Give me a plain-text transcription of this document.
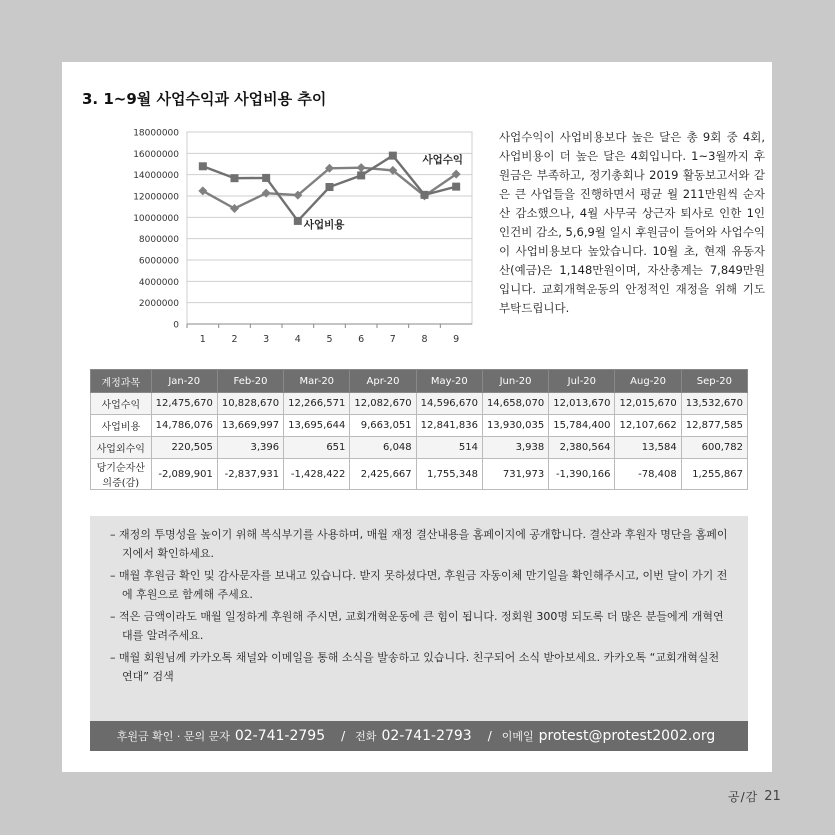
3. 1~9월 사업수익과 사업비용 추이
0
2000000
4000000
6000000
8000000
10000000
12000000
14000000
16000000
18000000
1	2	3	4	5	6	7	8	9
사업수익
사업비용

사업수익이 사업비용보다 높은 달은 총 9회 중 4회, 사업비용이 더 높은 달은 4회입니다. 1~3월까지 후원금은 부족하고, 정기총회나 2019 활동보고서와 같은 큰 사업들을 진행하면서 평균 월 211만원씩 순자산 감소했으나, 4월 사무국 상근자 퇴사로 인한 1인 인건비 감소, 5,6,9월 일시 후원금이 들어와 사업수익이 사업비용보다 높았습니다. 10월 초, 현재 유동자산(예금)은 1,148만원이며, 자산총계는 7,849만원입니다. 교회개혁운동의 안정적인 재정을 위해 기도 부탁드립니다.

계정과목	Jan-20	Feb-20	Mar-20	Apr-20	May-20	Jun-20	Jul-20	Aug-20	Sep-20
사업수익	12,475,670	10,828,670	12,266,571	12,082,670	14,596,670	14,658,070	12,013,670	12,015,670	13,532,670
사업비용	14,786,076	13,669,997	13,695,644	9,663,051	12,841,836	13,930,035	15,784,400	12,107,662	12,877,585
사업외수익	220,505	3,396	651	6,048	514	3,938	2,380,564	13,584	600,782
당기순자산의증(감)	-2,089,901	-2,837,931	-1,428,422	2,425,667	1,755,348	731,973	-1,390,166	-78,408	1,255,867
– 재정의 투명성을 높이기 위해 복식부기를 사용하며, 매월 재정 결산내용을 홈페이지에 공개합니다. 결산과 후원자 명단을 홈페이지에서 확인하세요.
– 매월 후원금 확인 및 감사문자를 보내고 있습니다. 받지 못하셨다면, 후원금 자동이체 만기일을 확인해주시고, 이번 달이 가기 전에 후원으로 함께해 주세요.
– 적은 금액이라도 매월 일정하게 후원해 주시면, 교회개혁운동에 큰 힘이 됩니다. 정회원 300명 되도록 더 많은 분들에게 개혁연대를 알려주세요.
– 매월 회원님께 카카오톡 채널와 이메일을 통해 소식을 발송하고 있습니다. 친구되어 소식 받아보세요. 카카오톡 “교회개혁실천연대” 검색
후원금 확인 · 문의 문자 02-741-2795 / 전화 02-741-2793 / 이메일 protest@protest2002.org
공/감 21
